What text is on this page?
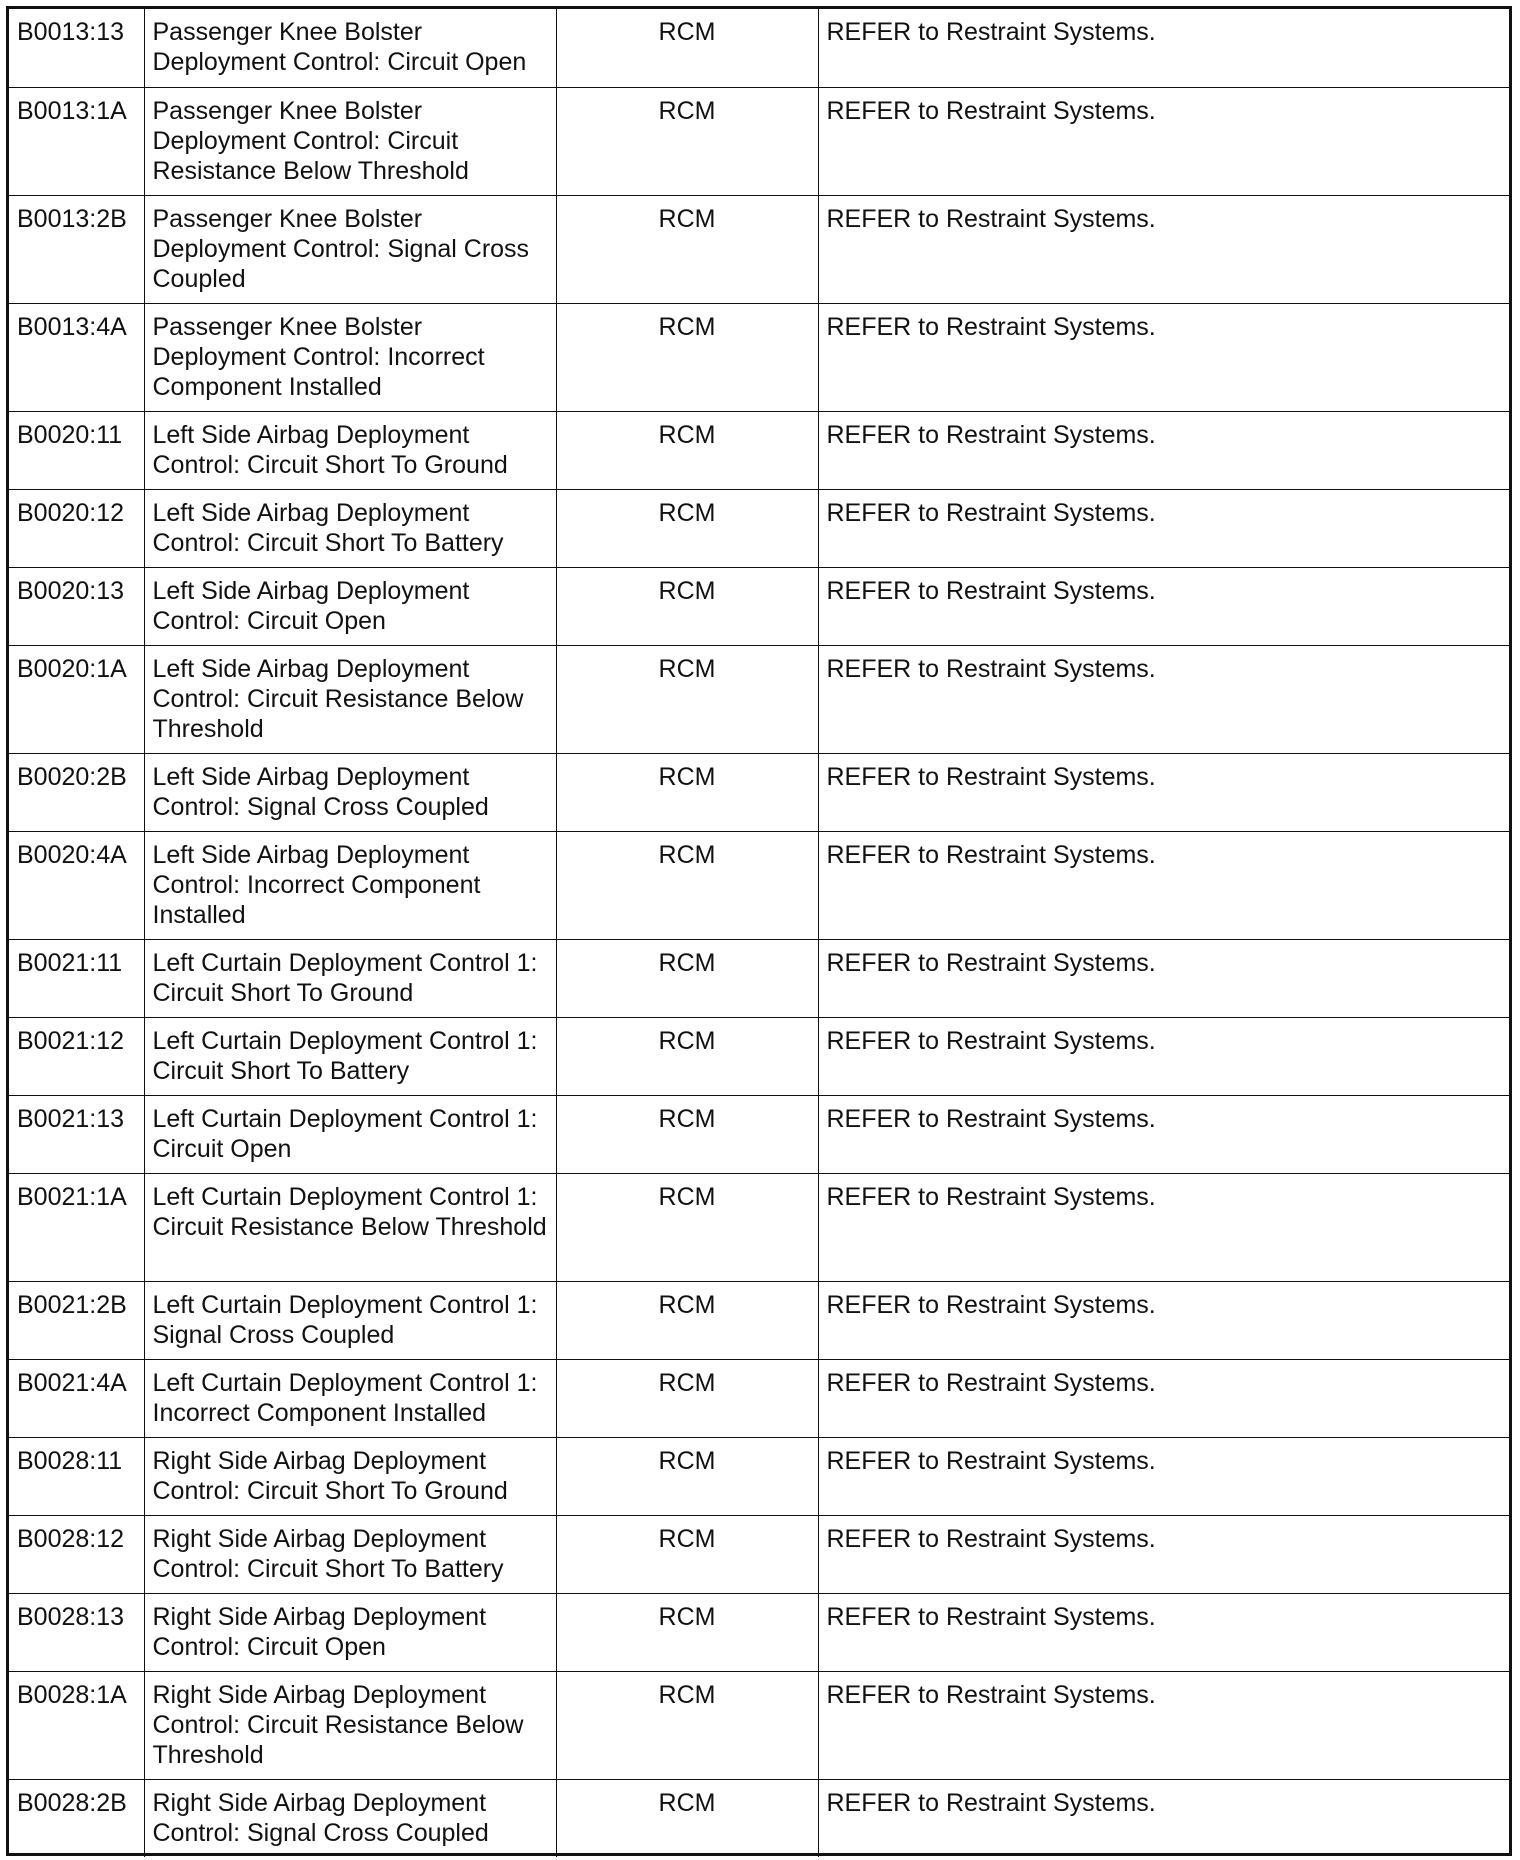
B0013:13	Passenger Knee Bolster Deployment Control: Circuit Open	RCM	REFER to Restraint Systems.
B0013:1A	Passenger Knee Bolster Deployment Control: Circuit Resistance Below Threshold	RCM	REFER to Restraint Systems.
B0013:2B	Passenger Knee Bolster Deployment Control: Signal Cross Coupled	RCM	REFER to Restraint Systems.
B0013:4A	Passenger Knee Bolster Deployment Control: Incorrect Component Installed	RCM	REFER to Restraint Systems.
B0020:11	Left Side Airbag Deployment Control: Circuit Short To Ground	RCM	REFER to Restraint Systems.
B0020:12	Left Side Airbag Deployment Control: Circuit Short To Battery	RCM	REFER to Restraint Systems.
B0020:13	Left Side Airbag Deployment Control: Circuit Open	RCM	REFER to Restraint Systems.
B0020:1A	Left Side Airbag Deployment Control: Circuit Resistance Below Threshold	RCM	REFER to Restraint Systems.
B0020:2B	Left Side Airbag Deployment Control: Signal Cross Coupled	RCM	REFER to Restraint Systems.
B0020:4A	Left Side Airbag Deployment Control: Incorrect Component Installed	RCM	REFER to Restraint Systems.
B0021:11	Left Curtain Deployment Control 1: Circuit Short To Ground	RCM	REFER to Restraint Systems.
B0021:12	Left Curtain Deployment Control 1: Circuit Short To Battery	RCM	REFER to Restraint Systems.
B0021:13	Left Curtain Deployment Control 1: Circuit Open	RCM	REFER to Restraint Systems.
B0021:1A	Left Curtain Deployment Control 1: Circuit Resistance Below Threshold	RCM	REFER to Restraint Systems.
B0021:2B	Left Curtain Deployment Control 1: Signal Cross Coupled	RCM	REFER to Restraint Systems.
B0021:4A	Left Curtain Deployment Control 1: Incorrect Component Installed	RCM	REFER to Restraint Systems.
B0028:11	Right Side Airbag Deployment Control: Circuit Short To Ground	RCM	REFER to Restraint Systems.
B0028:12	Right Side Airbag Deployment Control: Circuit Short To Battery	RCM	REFER to Restraint Systems.
B0028:13	Right Side Airbag Deployment Control: Circuit Open	RCM	REFER to Restraint Systems.
B0028:1A	Right Side Airbag Deployment Control: Circuit Resistance Below Threshold	RCM	REFER to Restraint Systems.
B0028:2B	Right Side Airbag Deployment Control: Signal Cross Coupled	RCM	REFER to Restraint Systems.
